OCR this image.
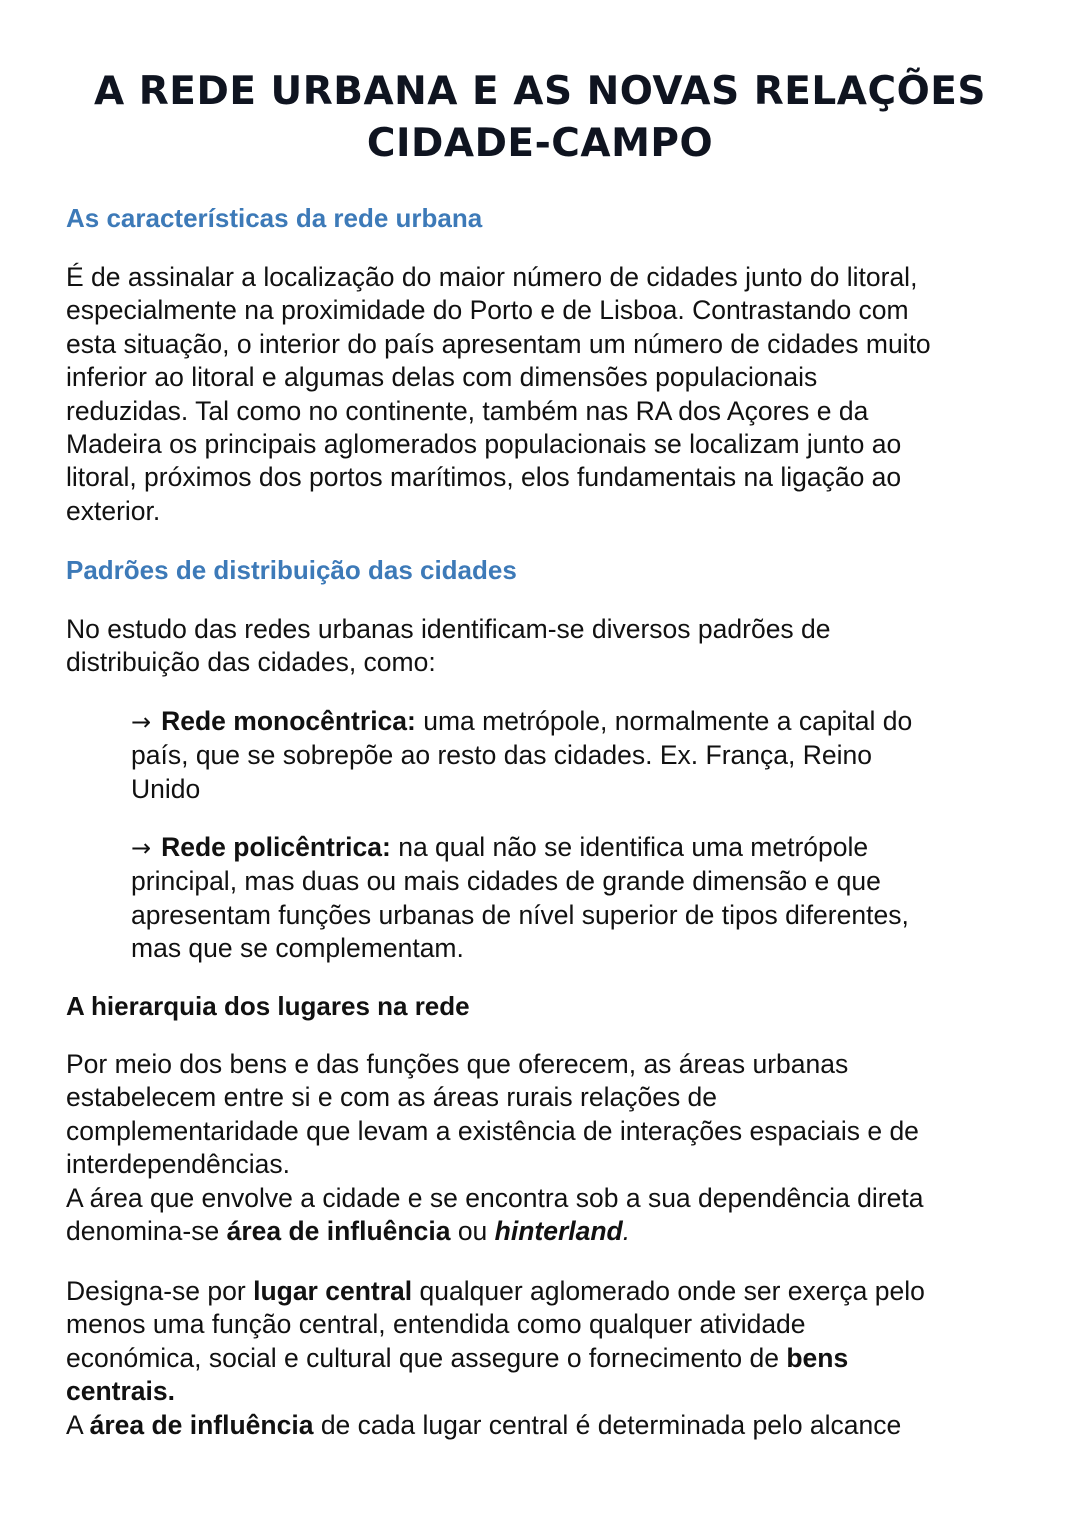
A REDE URBANA E AS NOVAS RELAÇÕES
CIDADE-CAMPO
As características da rede urbana
É de assinalar a localização do maior número de cidades junto do litoral,
especialmente na proximidade do Porto e de Lisboa. Contrastando com
esta situação, o interior do país apresentam um número de cidades muito
inferior ao litoral e algumas delas com dimensões populacionais
reduzidas. Tal como no continente, também nas RA dos Açores e da
Madeira os principais aglomerados populacionais se localizam junto ao
litoral, próximos dos portos marítimos, elos fundamentais na ligação ao
exterior.
Padrões de distribuição das cidades
No estudo das redes urbanas identificam-se diversos padrões de
distribuição das cidades, como:
→ Rede monocêntrica: uma metrópole, normalmente a capital do
país, que se sobrepõe ao resto das cidades. Ex. França, Reino
Unido
→ Rede policêntrica: na qual não se identifica uma metrópole
principal, mas duas ou mais cidades de grande dimensão e que
apresentam funções urbanas de nível superior de tipos diferentes,
mas que se complementam.
A hierarquia dos lugares na rede
Por meio dos bens e das funções que oferecem, as áreas urbanas
estabelecem entre si e com as áreas rurais relações de
complementaridade que levam a existência de interações espaciais e de
interdependências.
A área que envolve a cidade e se encontra sob a sua dependência direta
denomina-se área de influência ou hinterland.
Designa-se por lugar central qualquer aglomerado onde ser exerça pelo
menos uma função central, entendida como qualquer atividade
económica, social e cultural que assegure o fornecimento de bens
centrais.
A área de influência de cada lugar central é determinada pelo alcance
